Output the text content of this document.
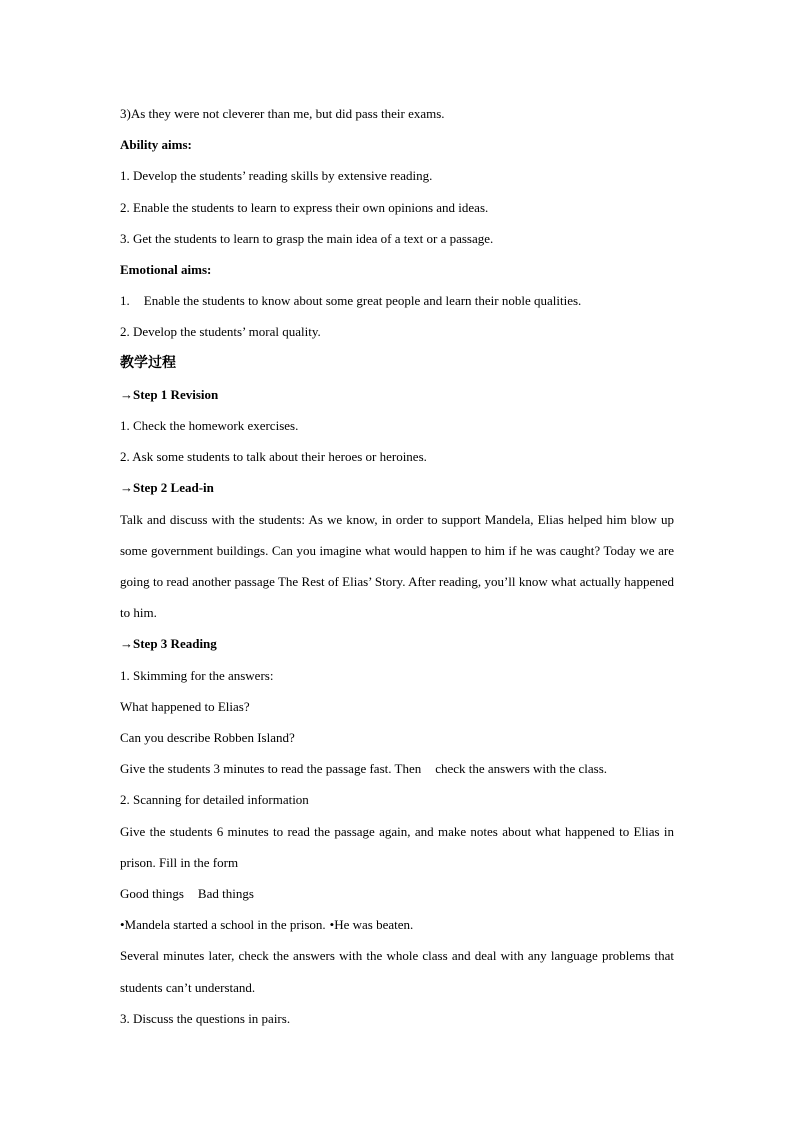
3)As they were not cleverer than me, but did pass their exams.
Ability aims:
1. Develop the students’ reading skills by extensive reading.
2. Enable the students to learn to express their own opinions and ideas.
3. Get the students to learn to grasp the main idea of a text or a passage.
Emotional aims:
1. Enable the students to know about some great people and learn their noble qualities.
2. Develop the students’ moral quality.
教学过程
→Step 1 Revision
1. Check the homework exercises.
2. Ask some students to talk about their heroes or heroines.
→Step 2 Lead-in
Talk and discuss with the students: As we know, in order to support Mandela, Elias helped him blow up some government buildings. Can you imagine what would happen to him if he was caught? Today we are going to read another passage The Rest of Elias’ Story. After reading, you’ll know what actually happened to him.
→Step 3 Reading
1. Skimming for the answers:
What happened to Elias?
Can you describe Robben Island?
Give the students 3 minutes to read the passage fast. Then check the answers with the class.
2. Scanning for detailed information
Give the students 6 minutes to read the passage again, and make notes about what happened to Elias in prison. Fill in the form
Good things Bad things
•Mandela started a school in the prison. •He was beaten.
Several minutes later, check the answers with the whole class and deal with any language problems that students can’t understand.
3. Discuss the questions in pairs.
